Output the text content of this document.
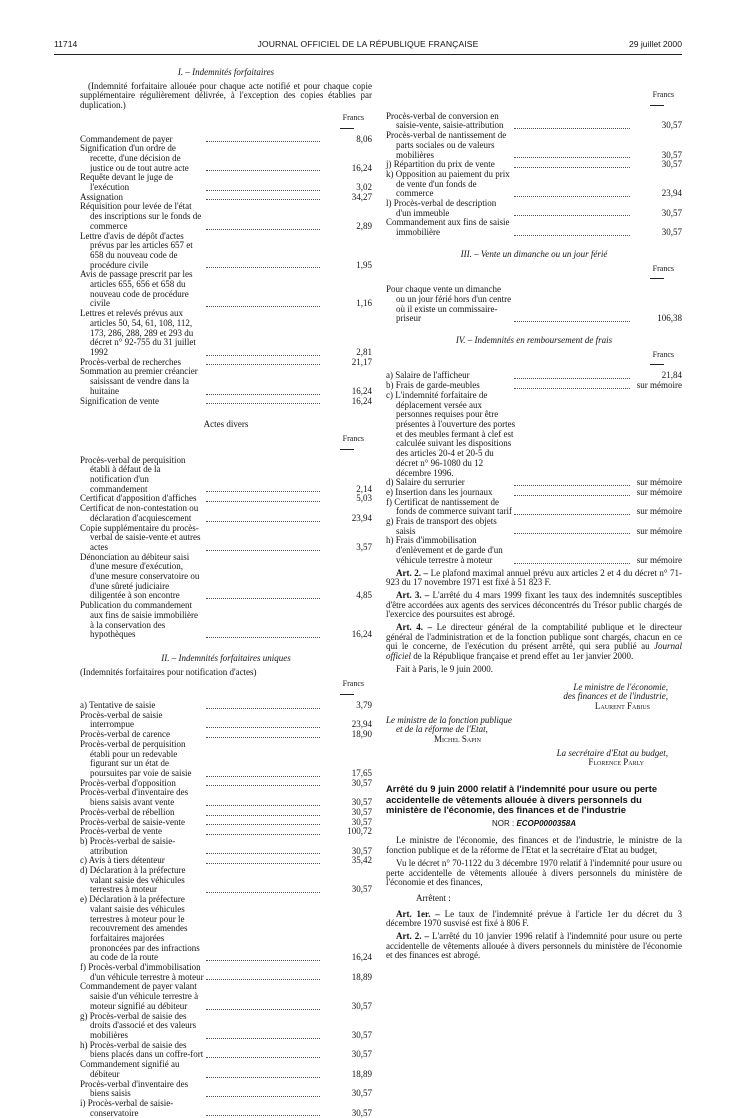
11714	JOURNAL OFFICIEL DE LA RÉPUBLIQUE FRANÇAISE	29 juillet 2000
I. – Indemnités forfaitaires

(Indemnité forfaitaire allouée pour chaque acte notifié et pour chaque copie supplémentaire régulièrement délivrée, à l'exception des copies établies par duplication.)

Francs
Commandement de payer	8,06
Signification d'un ordre de recette, d'une décision de justice ou de tout autre acte	16,24
Requête devant le juge de l'exécution	3,02
Assignation	34,27
Réquisition pour levée de l'état des inscriptions sur le fonds de commerce	2,89
Lettre d'avis de dépôt d'actes prévus par les articles 657 et 658 du nouveau code de procédure civile	1,95
Avis de passage prescrit par les articles 655, 656 et 658 du nouveau code de procédure civile	1,16
Lettres et relevés prévus aux articles 50, 54, 61, 108, 112, 173, 286, 288, 289 et 293 du décret n° 92-755 du 31 juillet 1992	2,81
Procès-verbal de recherches	21,17
Sommation au premier créancier saisissant de vendre dans la huitaine	16,24
Signification de vente	16,24
Actes divers
Francs
Procès-verbal de perquisition établi à défaut de la notification d'un commandement	2,14
Certificat d'apposition d'affiches	5,03
Certificat de non-contestation ou déclaration d'acquiescement	23,94
Copie supplémentaire du procès-verbal de saisie-vente et autres actes	3,57
Dénonciation au débiteur saisi d'une mesure d'exécution, d'une mesure conservatoire ou d'une sûreté judiciaire diligentée à son encontre	4,85
Publication du commandement aux fins de saisie immobilière à la conservation des hypothèques	16,24
II. – Indemnités forfaitaires uniques

(Indemnités forfaitaires pour notification d'actes)

Francs
a) Tentative de saisie	3,79
Procès-verbal de saisie interrompue	23,94
Procès-verbal de carence	18,90
Procès-verbal de perquisition établi pour un redevable figurant sur un état de poursuites par voie de saisie	17,65
Procès-verbal d'opposition	30,57
Procès-verbal d'inventaire des biens saisis avant vente	30,57
Procès-verbal de rébellion	30,57
Procès-verbal de saisie-vente	30,57
Procès-verbal de vente	100,72
b) Procès-verbal de saisie-attribution	30,57
c) Avis à tiers détenteur	35,42
d) Déclaration à la préfecture valant saisie des véhicules terrestres à moteur	30,57
e) Déclaration à la préfecture valant saisie des véhicules terrestres à moteur pour le recouvrement des amendes forfaitaires majorées prononcées par des infractions au code de la route	16,24
f) Procès-verbal d'immobilisation d'un véhicule terrestre à moteur	18,89
Commandement de payer valant saisie d'un véhicule terrestre à moteur signifié au débiteur	30,57
g) Procès-verbal de saisie des droits d'associé et des valeurs mobilières	30,57
h) Procès-verbal de saisie des biens placés dans un coffre-fort	30,57
Commandement signifié au débiteur	18,89
Procès-verbal d'inventaire des biens saisis	30,57
i) Procès-verbal de saisie-conservatoire	30,57
Francs
Procès-verbal de conversion en saisie-vente, saisie-attribution	30,57
Procès-verbal de nantissement de parts sociales ou de valeurs mobilières	30,57
j) Répartition du prix de vente	30,57
k) Opposition au paiement du prix de vente d'un fonds de commerce	23,94
l) Procès-verbal de description d'un immeuble	30,57
Commandement aux fins de saisie immobilière	30,57
III. – Vente un dimanche ou un jour férié
Francs
Pour chaque vente un dimanche ou un jour férié hors d'un centre où il existe un commissaire-priseur	106,38
IV. – Indemnités en remboursement de frais
Francs
a) Salaire de l'afficheur	21,84
b) Frais de garde-meubles	sur mémoire
c) L'indemnité forfaitaire de déplacement versée aux personnes requises pour être présentes à l'ouverture des portes et des meubles fermant à clef est calculée suivant les dispositions des articles 20-4 et 20-5 du décret n° 96-1080 du 12 décembre 1996.
d) Salaire du serrurier	sur mémoire
e) Insertion dans les journaux	sur mémoire
f) Certificat de nantissement de fonds de commerce suivant tarif	sur mémoire
g) Frais de transport des objets saisis	sur mémoire
h) Frais d'immobilisation d'enlèvement et de garde d'un véhicule terrestre à moteur	sur mémoire

Art. 2. – Le plafond maximal annuel prévu aux articles 2 et 4 du décret n° 71-923 du 17 novembre 1971 est fixé à 51 823 F.

Art. 3. – L'arrêté du 4 mars 1999 fixant les taux des indemnités susceptibles d'être accordées aux agents des services déconcentrés du Trésor public chargés de l'exercice des poursuites est abrogé.

Art. 4. – Le directeur général de la comptabilité publique et le directeur général de l'administration et de la fonction publique sont chargés, chacun en ce qui le concerne, de l'exécution du présent arrêté, qui sera publié au Journal officiel de la République française et prend effet au 1er janvier 2000.

Fait à Paris, le 9 juin 2000.

Le ministre de l'économie,
des finances et de l'industrie,
Laurent Fabius
Le ministre de la fonction publique
et de la réforme de l'Etat,
Michel Sapin
La secrétaire d'Etat au budget,
Florence Parly
Arrêté du 9 juin 2000 relatif à l'indemnité pour usure ou perte accidentelle de vêtements allouée à divers personnels du ministère de l'économie, des finances et de l'industrie
NOR : ECOP0000358A

Le ministre de l'économie, des finances et de l'industrie, le ministre de la fonction publique et de la réforme de l'Etat et la secrétaire d'Etat au budget,

Vu le décret n° 70-1122 du 3 décembre 1970 relatif à l'indemnité pour usure ou perte accidentelle de vêtements allouée à divers personnels du ministère de l'économie et des finances,

Arrêtent :

Art. 1er. – Le taux de l'indemnité prévue à l'article 1er du décret du 3 décembre 1970 susvisé est fixé à 806 F.

Art. 2. – L'arrêté du 10 janvier 1996 relatif à l'indemnité pour usure ou perte accidentelle de vêtements allouée à divers personnels du ministère de l'économie et des finances est abrogé.
